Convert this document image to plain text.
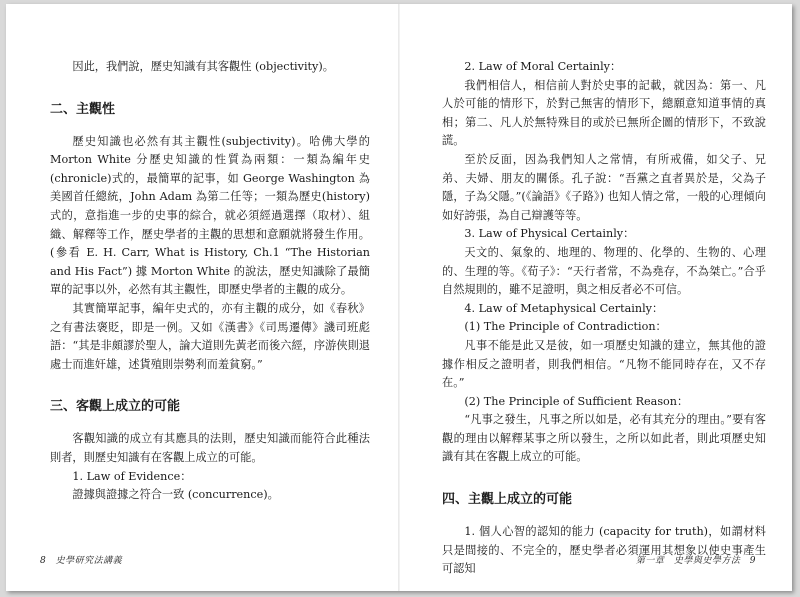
因此，我們說，歷史知識有其客觀性 (objectivity)。

二、主觀性

歷史知識也必然有其主觀性(subjectivity)。哈佛大學的 Morton White 分歷史知識的性質為兩類：一類為編年史(chronicle)式的，最簡單的記事，如 George Washington 為美國首任總統，John Adam 為第二任等；一類為歷史(history)式的，意指進一步的史事的綜合，就必須經過選擇（取材）、組織、解釋等工作，歷史學者的主觀的思想和意願就將發生作用。(參看 E. H. Carr, What is History, Ch.1 “The Historian and His Fact”) 據 Morton White 的說法，歷史知識除了最簡單的記事以外，必然有其主觀性，即歷史學者的主觀的成分。

其實簡單記事，編年史式的，亦有主觀的成分，如《春秋》之有書法褒貶，即是一例。又如《漢書》《司馬遷傳》譏司班彪語：“其是非頗謬於聖人，論大道則先黃老而後六經，序游俠則退處士而進奸雄，述貨殖則崇勢利而羞貧窮。”

三、客觀上成立的可能

客觀知識的成立有其應具的法則，歷史知識而能符合此種法則者，則歷史知識有在客觀上成立的可能。

1. Law of Evidence：

證據與證據之符合一致 (concurrence)。

8 史學研究法講義

2. Law of Moral Certainly：

我們相信人，相信前人對於史事的記載，就因為：第一、凡人於可能的情形下，於對己無害的情形下，總願意知道事情的真相；第二、凡人於無特殊目的或於已無所企圖的情形下，不致說謊。

至於反面，因為我們知人之常情，有所戒備，如父子、兄弟、夫婦、朋友的關係。孔子說：“吾黨之直者異於是，父為子隱，子為父隱。”(《論語》《子路》) 也知人情之常，一般的心理傾向如好誇張，為自己辯護等等。

3. Law of Physical Certainly：

天文的、氣象的、地理的、物理的、化學的、生物的、心理的、生理的等。《荀子》：“天行者常，不為堯存，不為桀亡。”合乎自然規則的，雖不足證明，與之相反者必不可信。

4. Law of Metaphysical Certainly：

(1) The Principle of Contradiction：

凡事不能是此又是彼，如一項歷史知識的建立，無其他的證據作相反之證明者，則我們相信。“凡物不能同時存在，又不存在。”

(2) The Principle of Sufficient Reason：

“凡事之發生，凡事之所以如是，必有其充分的理由。”要有客觀的理由以解釋某事之所以發生，之所以如此者，則此項歷史知識有其在客觀上成立的可能。

四、主觀上成立的可能

1. 個人心智的認知的能力 (capacity for truth)，如謂材料只是間接的、不完全的，歷史學者必須運用其想象以使史事產生可認知

第一章　史學與史學方法 9
